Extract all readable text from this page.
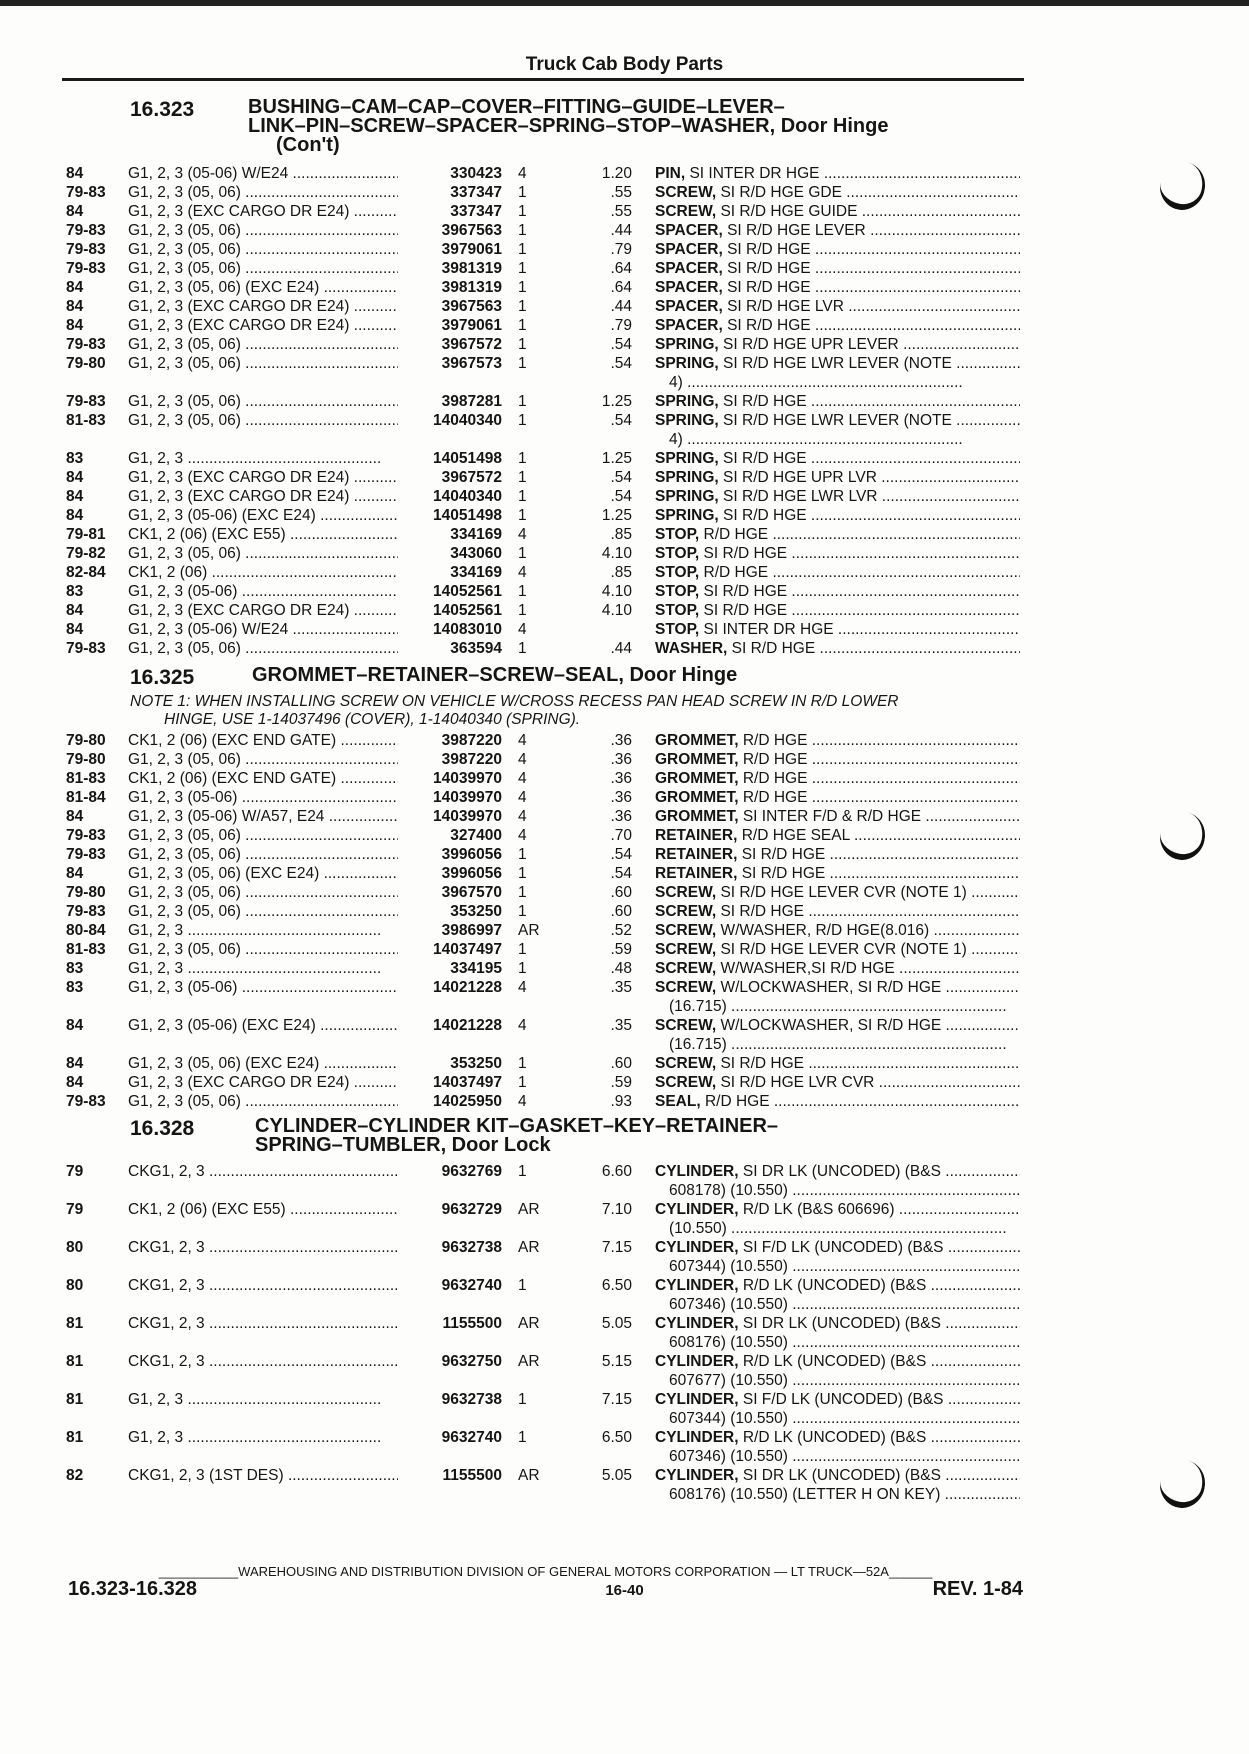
Truck Cab Body Parts
16.323	BUSHING–CAM–CAP–COVER–FITTING–GUIDE–LEVER–
LINK–PIN–SCREW–SPACER–SPRING–STOP–WASHER, Door Hinge
(Con't)
84	G1, 2, 3 (05-06) W/E24 .....	330423 4	1.20 PIN, SI INTER DR HGE .....
79-83 G1, 2, 3 (05, 06) .....	337347 1	.55 SCREW, SI R/D HGE GDE .....
84	G1, 2, 3 (EXC CARGO DR E24) .....	337347 1	.55 SCREW, SI R/D HGE GUIDE .....
79-83 G1, 2, 3 (05, 06) .....	3967563 1	.44 SPACER, SI R/D HGE LEVER .....
79-83 G1, 2, 3 (05, 06) .....	3979061 1	.79 SPACER, SI R/D HGE .....
79-83 G1, 2, 3 (05, 06) .....	3981319 1	.64 SPACER, SI R/D HGE .....
84	G1, 2, 3 (05, 06) (EXC E24) .....	3981319 1	.64 SPACER, SI R/D HGE .....
84	G1, 2, 3 (EXC CARGO DR E24) .....	3967563 1	.44 SPACER, SI R/D HGE LVR .....
84	G1, 2, 3 (EXC CARGO DR E24) .....	3979061 1	.79 SPACER, SI R/D HGE .....
79-83 G1, 2, 3 (05, 06) .....	3967572 1	.54 SPRING, SI R/D HGE UPR LEVER .....
79-80 G1, 2, 3 (05, 06) .....	3967573 1	.54 SPRING, SI R/D HGE LWR LEVER (NOTE .....
4) .....
79-83 G1, 2, 3 (05, 06) .....	3987281 1	1.25 SPRING, SI R/D HGE .....
81-83 G1, 2, 3 (05, 06) .....	14040340 1	.54 SPRING, SI R/D HGE LWR LEVER (NOTE .....
4) .....
83	G1, 2, 3 .....	14051498 1	1.25 SPRING, SI R/D HGE .....
84	G1, 2, 3 (EXC CARGO DR E24) .....	3967572 1	.54 SPRING, SI R/D HGE UPR LVR .....
84	G1, 2, 3 (EXC CARGO DR E24) .....	14040340 1	.54 SPRING, SI R/D HGE LWR LVR .....
84	G1, 2, 3 (05-06) (EXC E24) .....	14051498 1	1.25 SPRING, SI R/D HGE .....
79-81 CK1, 2 (06) (EXC E55) .....	334169 4	.85 STOP, R/D HGE .....
79-82 G1, 2, 3 (05, 06) .....	343060 1	4.10 STOP, SI R/D HGE .....
82-84 CK1, 2 (06) .....	334169 4	.85 STOP, R/D HGE .....
83	G1, 2, 3 (05-06) .....	14052561 1	4.10 STOP, SI R/D HGE .....
84	G1, 2, 3 (EXC CARGO DR E24) .....	14052561 1	4.10 STOP, SI R/D HGE .....
84	G1, 2, 3 (05-06) W/E24 .....	14083010 4	STOP, SI INTER DR HGE .....
79-83 G1, 2, 3 (05, 06) .....	363594 1	.44 WASHER, SI R/D HGE .....
16.325	GROMMET–RETAINER–SCREW–SEAL, Door Hinge
NOTE 1: WHEN INSTALLING SCREW ON VEHICLE W/CROSS RECESS PAN HEAD SCREW IN R/D LOWER
HINGE, USE 1-14037496 (COVER), 1-14040340 (SPRING).
79-80 CK1, 2 (06) (EXC END GATE) .....	3987220 4	.36 GROMMET, R/D HGE .....
79-80 G1, 2, 3 (05, 06) .....	3987220 4	.36 GROMMET, R/D HGE .....
81-83 CK1, 2 (06) (EXC END GATE) .....	14039970 4	.36 GROMMET, R/D HGE .....
81-84 G1, 2, 3 (05-06) .....	14039970 4	.36 GROMMET, R/D HGE .....
84	G1, 2, 3 (05-06) W/A57, E24 .....	14039970 4	.36 GROMMET, SI INTER F/D & R/D HGE .....
79-83 G1, 2, 3 (05, 06) .....	327400 4	.70 RETAINER, R/D HGE SEAL .....
79-83 G1, 2, 3 (05, 06) .....	3996056 1	.54 RETAINER, SI R/D HGE .....
84	G1, 2, 3 (05, 06) (EXC E24) .....	3996056 1	.54 RETAINER, SI R/D HGE .....
79-80 G1, 2, 3 (05, 06) .....	3967570 1	.60 SCREW, SI R/D HGE LEVER CVR (NOTE 1) .....
79-83 G1, 2, 3 (05, 06) .....	353250 1	.60 SCREW, SI R/D HGE .....
80-84 G1, 2, 3 .....	3986997 AR	.52 SCREW, W/WASHER, R/D HGE(8.016) .....
81-83 G1, 2, 3 (05, 06) .....	14037497 1	.59 SCREW, SI R/D HGE LEVER CVR (NOTE 1) .....
83	G1, 2, 3 .....	334195 1	.48 SCREW, W/WASHER,SI R/D HGE .....
83	G1, 2, 3 (05-06) .....	14021228 4	.35 SCREW, W/LOCKWASHER, SI R/D HGE .....
(16.715) .....
84	G1, 2, 3 (05-06) (EXC E24) .....	14021228 4	.35 SCREW, W/LOCKWASHER, SI R/D HGE .....
(16.715) .....
84	G1, 2, 3 (05, 06) (EXC E24) .....	353250 1	.60 SCREW, SI R/D HGE .....
84	G1, 2, 3 (EXC CARGO DR E24) .....	14037497 1	.59 SCREW, SI R/D HGE LVR CVR .....
79-83 G1, 2, 3 (05, 06) .....	14025950 4	.93 SEAL, R/D HGE .....
16.328	CYLINDER–CYLINDER KIT–GASKET–KEY–RETAINER–
SPRING–TUMBLER, Door Lock
79	CKG1, 2, 3 .....	9632769 1	6.60 CYLINDER, SI DR LK (UNCODED) (B&S .....
608178) (10.550) .....
79	CK1, 2 (06) (EXC E55) .....	9632729 AR	7.10 CYLINDER, R/D LK (B&S 606696) .....
(10.550) .....
80	CKG1, 2, 3 .....	9632738 AR	7.15 CYLINDER, SI F/D LK (UNCODED) (B&S .....
607344) (10.550) .....
80	CKG1, 2, 3 .....	9632740 1	6.50 CYLINDER, R/D LK (UNCODED) (B&S .....
607346) (10.550) .....
81	CKG1, 2, 3 .....	1155500 AR	5.05 CYLINDER, SI DR LK (UNCODED) (B&S .....
608176) (10.550) .....
81	CKG1, 2, 3 .....	9632750 AR	5.15 CYLINDER, R/D LK (UNCODED) (B&S .....
607677) (10.550) .....
81	G1, 2, 3 .....	9632738 1	7.15 CYLINDER, SI F/D LK (UNCODED) (B&S .....
607344) (10.550) .....
81	G1, 2, 3 .....	9632740 1	6.50 CYLINDER, R/D LK (UNCODED) (B&S .....
607346) (10.550) .....
82	CKG1, 2, 3 (1ST DES) .....	1155500 AR	5.05 CYLINDER, SI DR LK (UNCODED) (B&S .....
608176) (10.550) (LETTER H ON KEY) .....
___________WAREHOUSING AND DISTRIBUTION DIVISION OF GENERAL MOTORS CORPORATION — LT TRUCK—52A______
16.323-16.328	16-40	REV. 1-84
